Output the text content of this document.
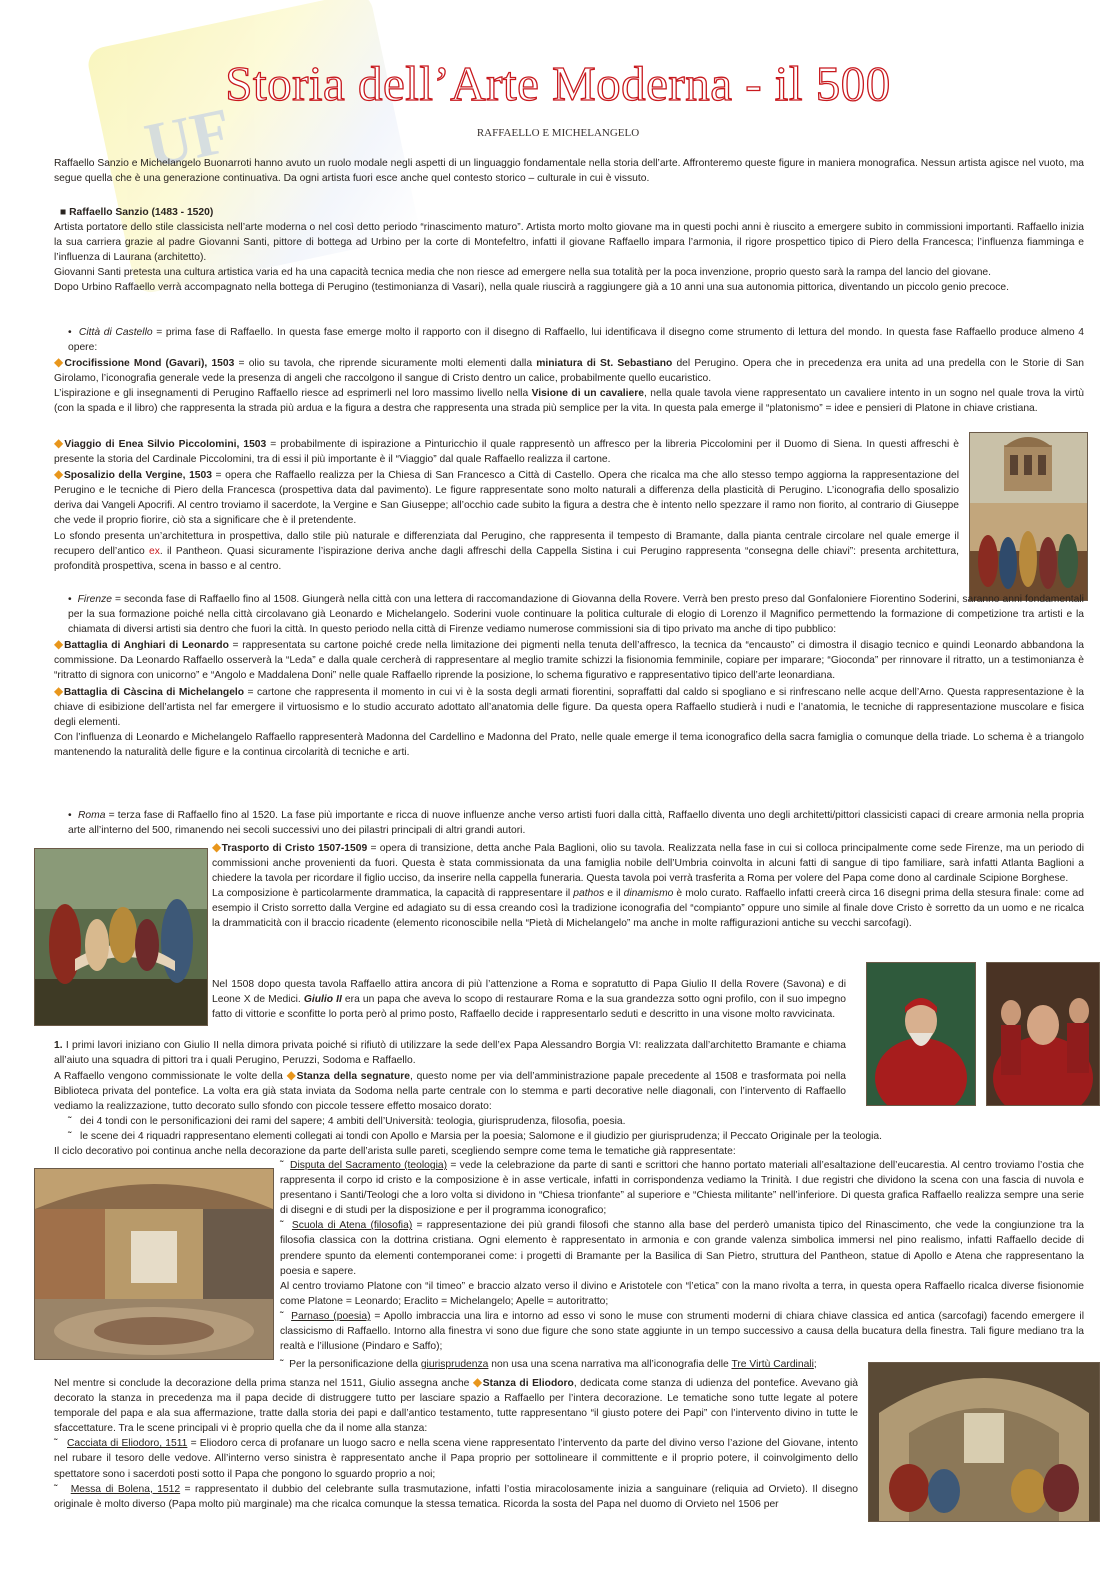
UF
Storia dell’Arte Moderna - il 500
RAFFAELLO E MICHELANGELO

Raffaello Sanzio e Michelangelo Buonarroti hanno avuto un ruolo modale negli aspetti di un linguaggio fondamentale nella storia dell’arte. Affronteremo queste figure in maniera monografica. Nessun artista agisce nel vuoto, ma segue quella che è una generazione continuativa. Da ogni artista fuori esce anche quel contesto storico – culturale in cui è vissuto.

■ Raffaello Sanzio (1483 - 1520)

Artista portatore dello stile classicista nell’arte moderna o nel così detto periodo “rinascimento maturo”. Artista morto molto giovane ma in questi pochi anni è riuscito a emergere subito in commissioni importanti. Raffaello inizia la sua carriera grazie al padre Giovanni Santi, pittore di bottega ad Urbino per la corte di Montefeltro, infatti il giovane Raffaello impara l’armonia, il rigore prospettico tipico di Piero della Francesca; l’influenza fiamminga e l’influenza di Laurana (architetto).

Giovanni Santi pretesta una cultura artistica varia ed ha una capacità tecnica media che non riesce ad emergere nella sua totalità per la poca invenzione, proprio questo sarà la rampa del lancio del giovane.

Dopo Urbino Raffaello verrà accompagnato nella bottega di Perugino (testimonianza di Vasari), nella quale riuscirà a raggiungere già a 10 anni una sua autonomia pittorica, diventando un piccolo genio precoce.

• Città di Castello = prima fase di Raffaello. In questa fase emerge molto il rapporto con il disegno di Raffaello, lui identificava il disegno come strumento di lettura del mondo. In questa fase Raffaello produce almeno 4 opere:

◆Crocifissione Mond (Gavari), 1503 = olio su tavola, che riprende sicuramente molti elementi dalla miniatura di St. Sebastiano del Perugino. Opera che in precedenza era unita ad una predella con le Storie di San Girolamo, l’iconografia generale vede la presenza di angeli che raccolgono il sangue di Cristo dentro un calice, probabilmente quello eucaristico.

L’ispirazione e gli insegnamenti di Perugino Raffaello riesce ad esprimerli nel loro massimo livello nella Visione di un cavaliere, nella quale tavola viene rappresentato un cavaliere intento in un sogno nel quale trova la virtù (con la spada e il libro) che rappresenta la strada più ardua e la figura a destra che rappresenta una strada più semplice per la vita. In questa pala emerge il “platonismo” = idee e pensieri di Platone in chiave cristiana.

◆Viaggio di Enea Silvio Piccolomini, 1503 = probabilmente di ispirazione a Pinturicchio il quale rappresentò un affresco per la libreria Piccolomini per il Duomo di Siena. In questi affreschi è presente la storia del Cardinale Piccolomini, tra di essi il più importante è il “Viaggio” dal quale Raffaello realizza il cartone.

◆Sposalizio della Vergine, 1503 = opera che Raffaello realizza per la Chiesa di San Francesco a Città di Castello. Opera che ricalca ma che allo stesso tempo aggiorna la rappresentazione del Perugino e le tecniche di Piero della Francesca (prospettiva data dal pavimento). Le figure rappresentate sono molto naturali a differenza della plasticità di Perugino. L’iconografia dello sposalizio deriva dai Vangeli Apocrifi. Al centro troviamo il sacerdote, la Vergine e San Giuseppe; all’occhio cade subito la figura a destra che è intento nello spezzare il ramo non fiorito, al contrario di Giuseppe che vede il proprio fiorire, ciò sta a significare che è il pretendente.

Lo sfondo presenta un’architettura in prospettiva, dallo stile più naturale e differenziata dal Perugino, che rappresenta il tempesto di Bramante, dalla pianta centrale circolare nel quale emerge il recupero dell’antico ex. il Pantheon. Quasi sicuramente l’ispirazione deriva anche dagli affreschi della Cappella Sistina i cui Perugino rappresenta “consegna delle chiavi”: presenta architettura, profondità prospettiva, scena in basso e al centro.

• Firenze = seconda fase di Raffaello fino al 1508. Giungerà nella città con una lettera di raccomandazione di Giovanna della Rovere. Verrà ben presto preso dal Gonfaloniere Fiorentino Soderini, saranno anni fondamentali per la sua formazione poiché nella città circolavano già Leonardo e Michelangelo. Soderini vuole continuare la politica culturale di elogio di Lorenzo il Magnifico permettendo la formazione di competizione tra artisti e la chiamata di diversi artisti sia dentro che fuori la città. In questo periodo nella città di Firenze vediamo numerose commissioni sia di tipo privato ma anche di tipo pubblico:

◆Battaglia di Anghiari di Leonardo = rappresentata su cartone poiché crede nella limitazione dei pigmenti nella tenuta dell’affresco, la tecnica da “encausto” ci dimostra il disagio tecnico e quindi Leonardo abbandona la commissione. Da Leonardo Raffaello osserverà la “Leda” e dalla quale cercherà di rappresentare al meglio tramite schizzi la fisionomia femminile, copiare per imparare; “Gioconda” per rinnovare il ritratto, un a testimonianza è “ritratto di signora con unicorno” e “Angolo e Maddalena Doni” nelle quale Raffaello riprende la posizione, lo schema figurativo e rappresentativo tipico dell’arte leonardiana.

◆Battaglia di Càscina di Michelangelo = cartone che rappresenta il momento in cui vi è la sosta degli armati fiorentini, sopraffatti dal caldo si spogliano e si rinfrescano nelle acque dell’Arno. Questa rappresentazione è la chiave di esibizione dell’artista nel far emergere il virtuosismo e lo studio accurato adottato all’anatomia delle figure. Da questa opera Raffaello studierà i nudi e l’anatomia, le tecniche di rappresentazione muscolare e fisica degli elementi.

Con l’influenza di Leonardo e Michelangelo Raffaello rappresenterà Madonna del Cardellino e Madonna del Prato, nelle quale emerge il tema iconografico della sacra famiglia o comunque della triade. Lo schema è a triangolo mantenendo la naturalità delle figure e la continua circolarità di tecniche e arti.

• Roma = terza fase di Raffaello fino al 1520. La fase più importante e ricca di nuove influenze anche verso artisti fuori dalla città, Raffaello diventa uno degli architetti/pittori classicisti capaci di creare armonia nella propria arte all’interno del 500, rimanendo nei secoli successivi uno dei pilastri principali di altri grandi autori.

◆Trasporto di Cristo 1507-1509 = opera di transizione, detta anche Pala Baglioni, olio su tavola. Realizzata nella fase in cui si colloca principalmente come sede Firenze, ma un periodo di commissioni anche provenienti da fuori. Questa è stata commissionata da una famiglia nobile dell’Umbria coinvolta in alcuni fatti di sangue di tipo familiare, sarà infatti Atlanta Baglioni a chiedere la tavola per ricordare il figlio ucciso, da inserire nella cappella funeraria. Questa tavola poi verrà trasferita a Roma per volere del Papa come dono al cardinale Scipione Borghese.

La composizione è particolarmente drammatica, la capacità di rappresentare il pathos e il dinamismo è molo curato. Raffaello infatti creerà circa 16 disegni prima della stesura finale: come ad esempio il Cristo sorretto dalla Vergine ed adagiato su di essa creando così la tradizione iconografia del “compianto” oppure uno simile al finale dove Cristo è sorretto da un uomo e ne ricalca la drammaticità con il braccio ricadente (elemento riconoscibile nella “Pietà di Michelangelo” ma anche in molte raffigurazioni antiche su vecchi sarcofagi).

Nel 1508 dopo questa tavola Raffaello attira ancora di più l’attenzione a Roma e sopratutto di Papa Giulio II della Rovere (Savona) e di Leone X de Medici. Giulio II era un papa che aveva lo scopo di restaurare Roma e la sua grandezza sotto ogni profilo, con il suo impegno fatto di vittorie e sconfitte lo porta però al primo posto, Raffaello decide i rappresentarlo seduti e descritto in una visone molto ravvicinata.

1. I primi lavori iniziano con Giulio II nella dimora privata poiché si rifiutò di utilizzare la sede dell’ex Papa Alessandro Borgia VI: realizzata dall’architetto Bramante e chiama all’aiuto una squadra di pittori tra i quali Perugino, Peruzzi, Sodoma e Raffaello.

A Raffaello vengono commissionate le volte della ◆Stanza della segnature, questo nome per via dell’amministrazione papale precedente al 1508 e trasformata poi nella Biblioteca privata del pontefice. La volta era già stata inviata da Sodoma nella parte centrale con lo stemma e parti decorative nelle diagonali, con l’intervento di Raffaello vediamo la realizzazione, tutto decorato sullo sfondo con piccole tessere effetto mosaico dorato:

˜ dei 4 tondi con le personificazioni dei rami del sapere; 4 ambiti dell’Università: teologia, giurisprudenza, filosofia, poesia.

˜ le scene dei 4 riquadri rappresentano elementi collegati ai tondi con Apollo e Marsia per la poesia; Salomone e il giudizio per giurisprudenza; il Peccato Originale per la teologia.

Il ciclo decorativo poi continua anche nella decorazione da parte dell’arista sulle pareti, scegliendo sempre come tema le tematiche già rappresentate:

˜ Disputa del Sacramento (teologia) = vede la celebrazione da parte di santi e scrittori che hanno portato materiali all’esaltazione dell’eucarestia. Al centro troviamo l’ostia che rappresenta il corpo id cristo e la composizione è in asse verticale, infatti in corrispondenza vediamo la Trinità. I due registri che dividono la scena con una fascia di nuvola e presentano i Santi/Teologi che a loro volta si dividono in “Chiesa trionfante” al superiore e “Chiesta militante” nell’inferiore. Di questa grafica Raffaello realizza sempre una serie di disegni e di studi per la disposizione e per il programma iconografico;

˜ Scuola di Atena (filosofia) = rappresentazione dei più grandi filosofi che stanno alla base del perderò umanista tipico del Rinascimento, che vede la congiunzione tra la filosofia classica con la dottrina cristiana. Ogni elemento è rappresentato in armonia e con grande valenza simbolica immersi nel pino realismo, infatti Raffaello decide di prendere spunto da elementi contemporanei come: i progetti di Bramante per la Basilica di San Pietro, struttura del Pantheon, statue di Apollo e Atena che rappresentano la poesia e sapere.

Al centro troviamo Platone con “il timeo” e braccio alzato verso il divino e Aristotele con “l’etica” con la mano rivolta a terra, in questa opera Raffaello ricalca diverse fisionomie come Platone = Leonardo; Eraclito = Michelangelo; Apelle = autoritratto;

˜ Parnaso (poesia) = Apollo imbraccia una lira e intorno ad esso vi sono le muse con strumenti moderni di chiara chiave classica ed antica (sarcofagi) facendo emergere il classicismo di Raffaello. Intorno alla finestra vi sono due figure che sono state aggiunte in un tempo successivo a causa della bucatura della finestra. Tali figure mediano tra la realtà e l’illusione (Pindaro e Saffo);

˜ Per la personificazione della giurisprudenza non usa una scena narrativa ma all’iconografia delle Tre Virtù Cardinali;

Nel mentre si conclude la decorazione della prima stanza nel 1511, Giulio assegna anche ◆Stanza di Eliodoro, dedicata come stanza di udienza del pontefice. Avevano già decorato la stanza in precedenza ma il papa decide di distruggere tutto per lasciare spazio a Raffaello per l’intera decorazione. Le tematiche sono tutte legate al potere temporale del papa e ala sua affermazione, tratte dalla storia dei papi e dall’antico testamento, tutte rappresentano “il giusto potere dei Papi” con l’intervento divino in tutte le sfaccettature. Tra le scene principali vi è proprio quella che da il nome alla stanza:

˜ Cacciata di Eliodoro, 1511 = Eliodoro cerca di profanare un luogo sacro e nella scena viene rappresentato l’intervento da parte del divino verso l’azione del Giovane, intento nel rubare il tesoro delle vedove. All’interno verso sinistra è rappresentato anche il Papa proprio per sottolineare il committente e il proprio potere, il coinvolgimento dello spettatore sono i sacerdoti posti sotto il Papa che pongono lo sguardo proprio a noi;

˜ Messa di Bolena, 1512 = rappresentato il dubbio del celebrante sulla trasmutazione, infatti l’ostia miracolosamente inizia a sanguinare (reliquia ad Orvieto). Il disegno originale è molto diverso (Papa molto più marginale) ma che ricalca comunque la stessa tematica. Ricorda la sosta del Papa nel duomo di Orvieto nel 1506 per
